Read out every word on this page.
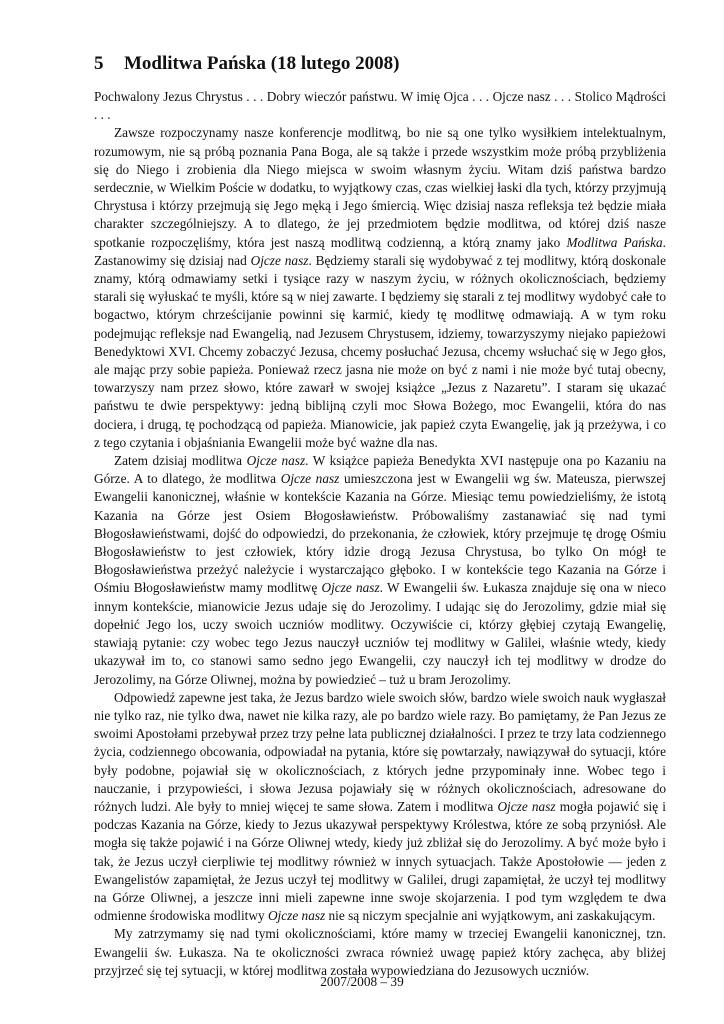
5	Modlitwa Pańska (18 lutego 2008)

Pochwalony Jezus Chrystus . . . Dobry wieczór państwu. W imię Ojca . . . Ojcze nasz . . . Stolico Mądrości . . .

Zawsze rozpoczynamy nasze konferencje modlitwą, bo nie są one tylko wysiłkiem intelektualnym, rozumowym, nie są próbą poznania Pana Boga, ale są także i przede wszystkim może próbą przybliżenia się do Niego i zrobienia dla Niego miejsca w swoim własnym życiu. Witam dziś państwa bardzo serdecznie, w Wielkim Poście w dodatku, to wyjątkowy czas, czas wielkiej łaski dla tych, którzy przyjmują Chrystusa i którzy przejmują się Jego męką i Jego śmiercią. Więc dzisiaj nasza refleksja też będzie miała charakter szczególniejszy. A to dlatego, że jej przedmiotem będzie modlitwa, od której dziś nasze spotkanie rozpoczęliśmy, która jest naszą modlitwą codzienną, a którą znamy jako Modlitwa Pańska. Zastanowimy się dzisiaj nad Ojcze nasz. Będziemy starali się wydobywać z tej modlitwy, którą doskonale znamy, którą odmawiamy setki i tysiące razy w naszym życiu, w różnych okolicznościach, będziemy starali się wyłuskać te myśli, które są w niej zawarte. I będziemy się starali z tej modlitwy wydobyć całe to bogactwo, którym chrześcijanie powinni się karmić, kiedy tę modlitwę odmawiają. A w tym roku podejmując refleksje nad Ewangelią, nad Jezusem Chrystusem, idziemy, towarzyszymy niejako papieżowi Benedyktowi XVI. Chcemy zobaczyć Jezusa, chcemy posłuchać Jezusa, chcemy wsłuchać się w Jego głos, ale mając przy sobie papieża. Ponieważ rzecz jasna nie może on być z nami i nie może być tutaj obecny, towarzyszy nam przez słowo, które zawarł w swojej książce „Jezus z Nazaretu”. I staram się ukazać państwu te dwie perspektywy: jedną biblijną czyli moc Słowa Bożego, moc Ewangelii, która do nas dociera, i drugą, tę pochodzącą od papieża. Mianowicie, jak papież czyta Ewangelię, jak ją przeżywa, i co z tego czytania i objaśniania Ewangelii może być ważne dla nas.

Zatem dzisiaj modlitwa Ojcze nasz. W książce papieża Benedykta XVI następuje ona po Kazaniu na Górze. A to dlatego, że modlitwa Ojcze nasz umieszczona jest w Ewangelii wg św. Mateusza, pierwszej Ewangelii kanonicznej, właśnie w kontekście Kazania na Górze. Miesiąc temu powiedzieliśmy, że istotą Kazania na Górze jest Osiem Błogosławieństw. Próbowaliśmy zastanawiać się nad tymi Błogosławieństwami, dojść do odpowiedzi, do przekonania, że człowiek, który przejmuje tę drogę Ośmiu Błogosławieństw to jest człowiek, który idzie drogą Jezusa Chrystusa, bo tylko On mógł te Błogosławieństwa przeżyć należycie i wystarczająco głęboko. I w kontekście tego Kazania na Górze i Ośmiu Błogosławieństw mamy modlitwę Ojcze nasz. W Ewangelii św. Łukasza znajduje się ona w nieco innym kontekście, mianowicie Jezus udaje się do Jerozolimy. I udając się do Jerozolimy, gdzie miał się dopełnić Jego los, uczy swoich uczniów modlitwy. Oczywiście ci, którzy głębiej czytają Ewangelię, stawiają pytanie: czy wobec tego Jezus nauczył uczniów tej modlitwy w Galilei, właśnie wtedy, kiedy ukazywał im to, co stanowi samo sedno jego Ewangelii, czy nauczył ich tej modlitwy w drodze do Jerozolimy, na Górze Oliwnej, można by powiedzieć – tuż u bram Jerozolimy.

Odpowiedź zapewne jest taka, że Jezus bardzo wiele swoich słów, bardzo wiele swoich nauk wygłaszał nie tylko raz, nie tylko dwa, nawet nie kilka razy, ale po bardzo wiele razy. Bo pamiętamy, że Pan Jezus ze swoimi Apostołami przebywał przez trzy pełne lata publicznej działalności. I przez te trzy lata codziennego życia, codziennego obcowania, odpowiadał na pytania, które się powtarzały, nawiązywał do sytuacji, które były podobne, pojawiał się w okolicznościach, z których jedne przypominały inne. Wobec tego i nauczanie, i przypowieści, i słowa Jezusa pojawiały się w różnych okolicznościach, adresowane do różnych ludzi. Ale były to mniej więcej te same słowa. Zatem i modlitwa Ojcze nasz mogła pojawić się i podczas Kazania na Górze, kiedy to Jezus ukazywał perspektywy Królestwa, które ze sobą przyniósł. Ale mogła się także pojawić i na Górze Oliwnej wtedy, kiedy już zbliżał się do Jerozolimy. A być może było i tak, że Jezus uczył cierpliwie tej modlitwy również w innych sytuacjach. Także Apostołowie — jeden z Ewangelistów zapamiętał, że Jezus uczył tej modlitwy w Galilei, drugi zapamiętał, że uczył tej modlitwy na Górze Oliwnej, a jeszcze inni mieli zapewne inne swoje skojarzenia. I pod tym względem te dwa odmienne środowiska modlitwy Ojcze nasz nie są niczym specjalnie ani wyjątkowym, ani zaskakującym.

My zatrzymamy się nad tymi okolicznościami, które mamy w trzeciej Ewangelii kanonicznej, tzn. Ewangelii św. Łukasza. Na te okoliczności zwraca również uwagę papież który zachęca, aby bliżej przyjrzeć się tej sytuacji, w której modlitwa została wypowiedziana do Jezusowych uczniów.

2007/2008 – 39
